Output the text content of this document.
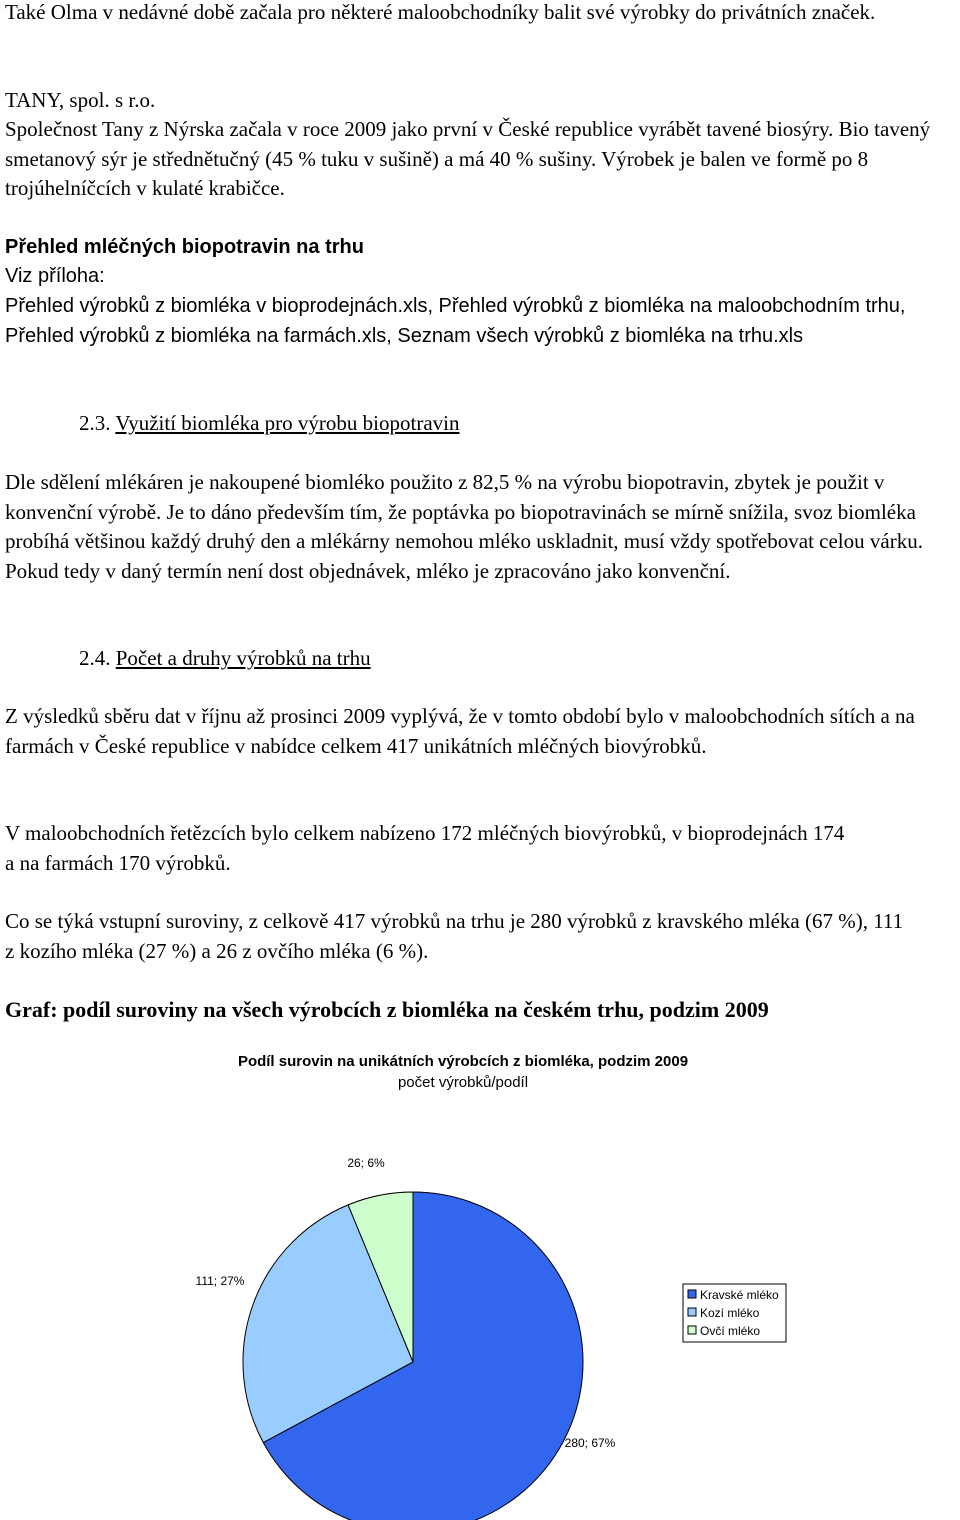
Také Olma v nedávné době začala pro některé maloobchodníky balit své výrobky do privátních značek.

TANY, spol. s r.o.

Společnost Tany z Nýrska začala v roce 2009 jako první v České republice vyrábět tavené biosýry. Bio tavený smetanový sýr je střednětučný (45 % tuku v sušině) a má 40 % sušiny. Výrobek je balen ve formě po 8 trojúhelníčcích v kulaté krabičce.

Přehled mléčných biopotravin na trhu

Viz příloha:

Přehled výrobků z biomléka v bioprodejnách.xls, Přehled výrobků z biomléka na maloobchodním trhu, Přehled výrobků z biomléka na farmách.xls, Seznam všech výrobků z biomléka na trhu.xls

2.3. Využití biomléka pro výrobu biopotravin

Dle sdělení mlékáren je nakoupené biomléko použito z 82,5 % na výrobu biopotravin, zbytek je použit v konvenční výrobě. Je to dáno především tím, že poptávka po biopotravinách se mírně snížila, svoz biomléka probíhá většinou každý druhý den a mlékárny nemohou mléko uskladnit, musí vždy spotřebovat celou várku. Pokud tedy v daný termín není dost objednávek, mléko je zpracováno jako konvenční.

2.4. Počet a druhy výrobků na trhu

Z výsledků sběru dat v říjnu až prosinci 2009 vyplývá, že v tomto období bylo v maloobchodních sítích a na farmách v České republice v nabídce celkem 417 unikátních mléčných biovýrobků.

V maloobchodních řetězcích bylo celkem nabízeno 172 mléčných biovýrobků, v bioprodejnách 174 a na farmách 170 výrobků.

Co se týká vstupní suroviny, z celkově 417 výrobků na trhu je 280 výrobků z kravského mléka (67 %), 111 z kozího mléka (27 %) a 26 z ovčího mléka (6 %).

Graf: podíl suroviny na všech výrobcích z biomléka na českém trhu, podzim 2009

Podíl surovin na unikátních výrobcích z biomléka, podzim 2009
počet výrobků/podíl
280; 67%
111; 27%
26; 6%
Kravské mléko
Kozí mléko
Ovčí mléko
